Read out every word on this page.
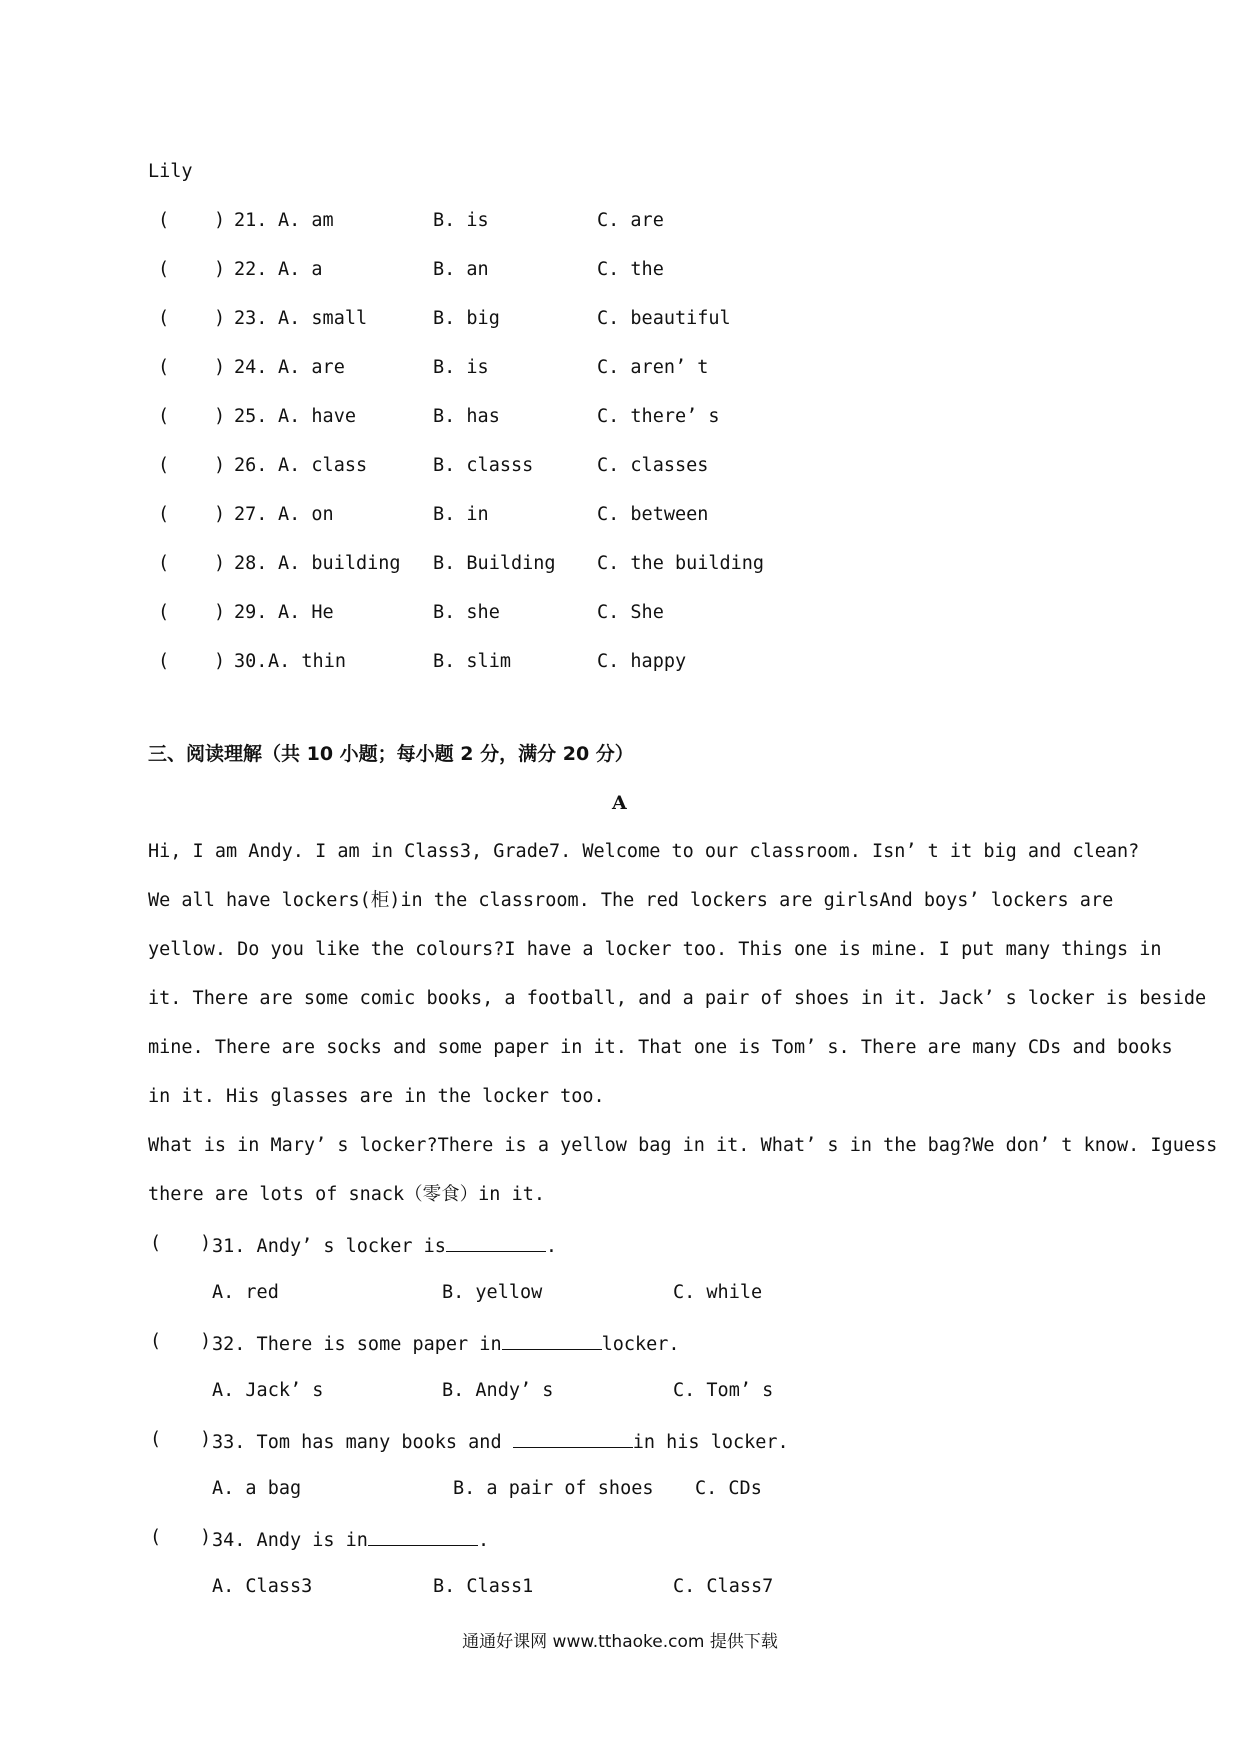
Lily
( ) 21. A. am	B. is	C. are
( ) 22. A. a	B. an	C. the
( ) 23. A. small	B. big	C. beautiful
( ) 24. A. are	B. is	C. aren’ t
( ) 25. A. have	B. has	C. there’ s
( ) 26. A. class	B. classs	C. classes
( ) 27. A. on	B. in	C. between
( ) 28. A. building B. Building C. the building
( ) 29. A. He	B. she	C. She
( ) 30. A. thin	B. slim	C. happy
三、阅读理解（共 10 小题；每小题 2 分，满分 20 分）
A
Hi, I am Andy. I am in Class3, Grade7. Welcome to our classroom. Isn’ t it big and clean?
We all have lockers(柜)in the classroom. The red lockers are girlsAnd boys’ lockers are
yellow. Do you like the colours?I have a locker too. This one is mine. I put many things in
it. There are some comic books, a football, and a pair of shoes in it. Jack’ s locker is beside
mine. There are socks and some paper in it. That one is Tom’ s. There are many CDs and books
in it. His glasses are in the locker too.
What is in Mary’ s locker?There is a yellow bag in it. What’ s in the bag?We don’ t know. Iguess
there are lots of snack（零食）in it.
( ) 31. Andy’ s locker is	.
A. red	B. yellow	C. while
( ) 32. There is some paper in	locker.
A. Jack’ s	B. Andy’ s	C. Tom’ s
( ) 33. Tom has many books and	in his locker.
A. a bag	B. a pair of shoes C. CDs
( ) 34. Andy is in	.
A. Class3	B. Class1	C. Class7
通通好课网 www.tthaoke.com 提供下载
